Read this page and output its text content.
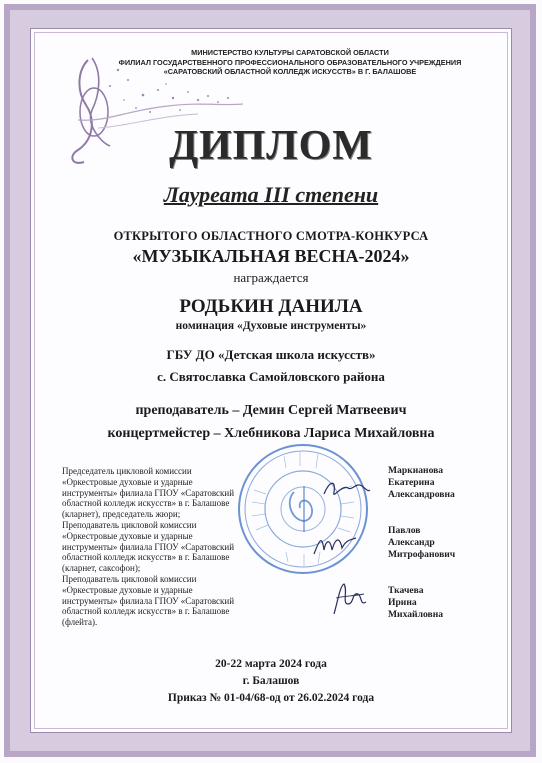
МИНИСТЕРСТВО КУЛЬТУРЫ САРАТОВСКОЙ ОБЛАСТИ
ФИЛИАЛ ГОСУДАРСТВЕННОГО ПРОФЕССИОНАЛЬНОГО ОБРАЗОВАТЕЛЬНОГО УЧРЕЖДЕНИЯ
«САРАТОВСКИЙ ОБЛАСТНОЙ КОЛЛЕДЖ ИСКУССТВ» В Г. БАЛАШОВЕ
ДИПЛОМ
Лауреата III степени
ОТКРЫТОГО ОБЛАСТНОГО СМОТРА-КОНКУРСА
«МУЗЫКАЛЬНАЯ ВЕСНА-2024»
награждается
РОДЬКИН ДАНИЛА
номинация «Духовые инструменты»
ГБУ ДО «Детская школа искусств»
с. Святославка Самойловского района
преподаватель – Демин Сергей Матвеевич
концертмейстер – Хлебникова Лариса Михайловна
Председатель цикловой комиссии
«Оркестровые духовые и ударные
инструменты» филиала ГПОУ «Саратовский
областной колледж искусств» в г. Балашове
(кларнет), председатель жюри;
Преподаватель цикловой комиссии
«Оркестровые духовые и ударные
инструменты» филиала ГПОУ «Саратовский
областной колледж искусств» в г. Балашове
(кларнет, саксофон);
Преподаватель цикловой комиссии
«Оркестровые духовые и ударные
инструменты» филиала ГПОУ «Саратовский
областной колледж искусств» в г. Балашове
(флейта).
Маркианова
Екатерина
Александровна
Павлов
Александр
Митрофанович
Ткачева
Ирина
Михайловна
20-22 марта 2024 года
г. Балашов
Приказ № 01-04/68-од от 26.02.2024 года
